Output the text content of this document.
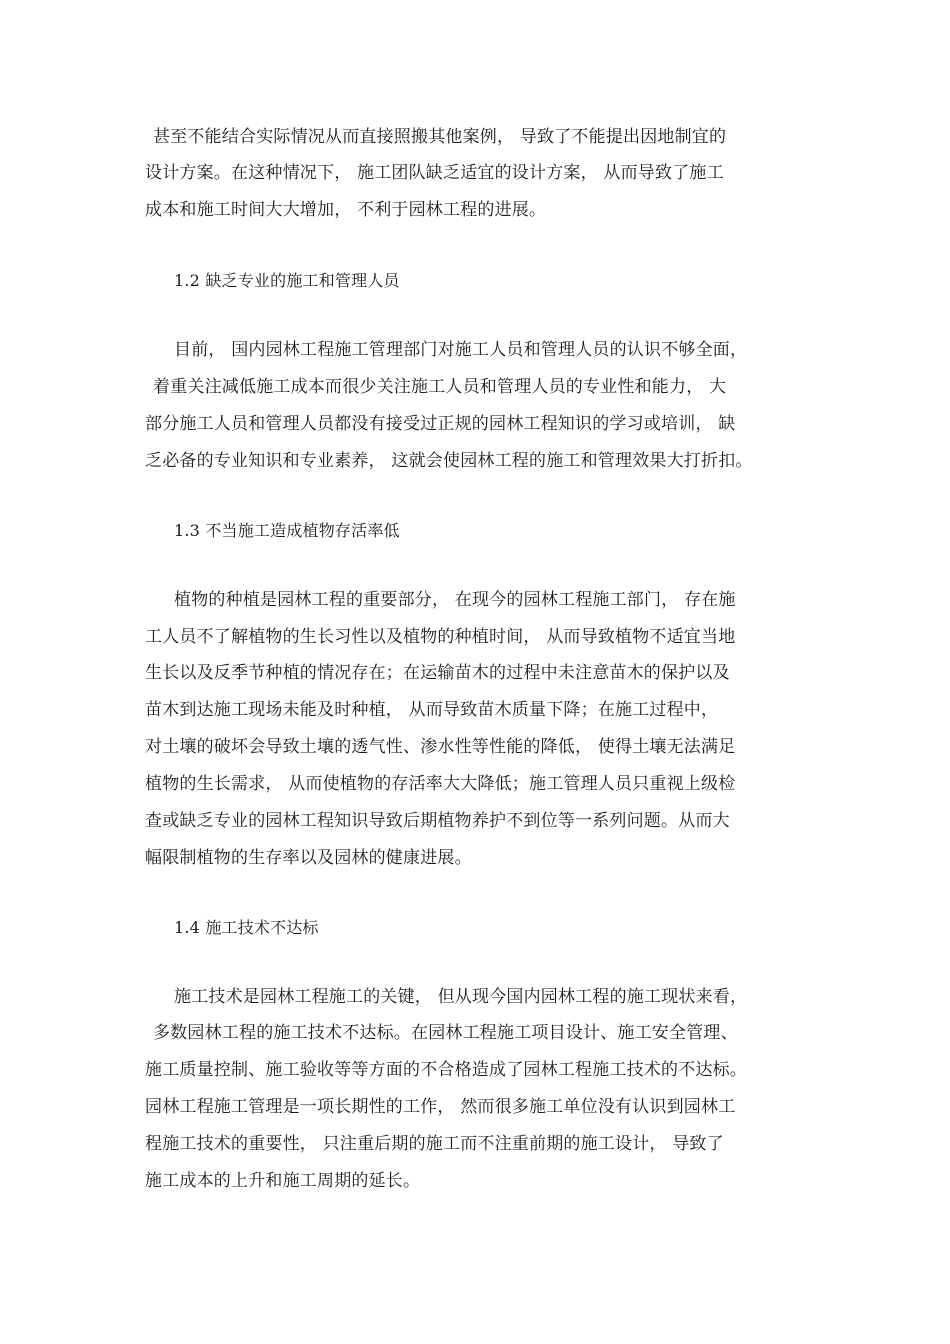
甚至不能结合实际情况从而直接照搬其他案例， 导致了不能提出因地制宜的
设计方案。在这种情况下， 施工团队缺乏适宜的设计方案， 从而导致了施工
成本和施工时间大大增加， 不利于园林工程的进展。
1.2 缺乏专业的施工和管理人员
目前， 国内园林工程施工管理部门对施工人员和管理人员的认识不够全面，
着重关注减低施工成本而很少关注施工人员和管理人员的专业性和能力， 大
部分施工人员和管理人员都没有接受过正规的园林工程知识的学习或培训， 缺
乏必备的专业知识和专业素养， 这就会使园林工程的施工和管理效果大打折扣。
1.3 不当施工造成植物存活率低
植物的种植是园林工程的重要部分， 在现今的园林工程施工部门， 存在施
工人员不了解植物的生长习性以及植物的种植时间， 从而导致植物不适宜当地
生长以及反季节种植的情况存在；在运输苗木的过程中未注意苗木的保护以及
苗木到达施工现场未能及时种植， 从而导致苗木质量下降；在施工过程中，
对土壤的破坏会导致土壤的透气性、渗水性等性能的降低， 使得土壤无法满足
植物的生长需求， 从而使植物的存活率大大降低；施工管理人员只重视上级检
查或缺乏专业的园林工程知识导致后期植物养护不到位等一系列问题。从而大
幅限制植物的生存率以及园林的健康进展。
1.4 施工技术不达标
施工技术是园林工程施工的关键， 但从现今国内园林工程的施工现状来看，
多数园林工程的施工技术不达标。在园林工程施工项目设计、施工安全管理、
施工质量控制、施工验收等等方面的不合格造成了园林工程施工技术的不达标。
园林工程施工管理是一项长期性的工作， 然而很多施工单位没有认识到园林工
程施工技术的重要性， 只注重后期的施工而不注重前期的施工设计， 导致了
施工成本的上升和施工周期的延长。
